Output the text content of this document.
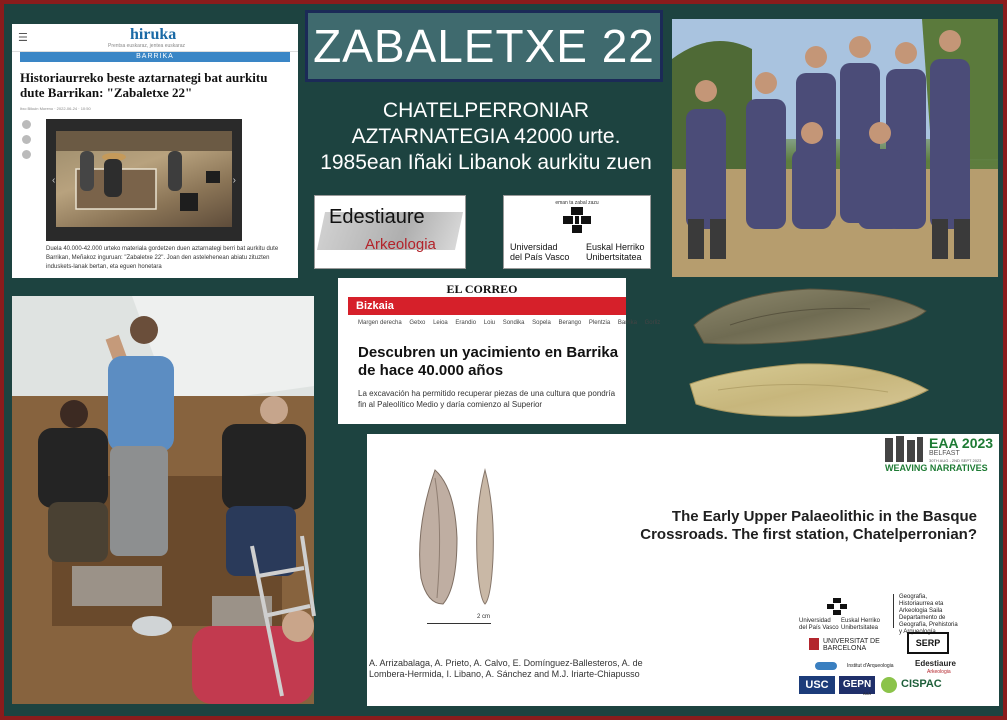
ZABALETXE 22
CHATELPERRONIAR
AZTARNATEGIA 42000 urte.
1985ean Iñaki Libanok aurkitu zuen
☰	hiruka
Prentsa euskaraz, jentea euskaraz
BARRIKA
Historiaurreko beste aztarnategi bat aurkitu dute Barrikan: "Zabaletxe 22"
Itxo Bikuin Moreno · 2022-06-24 · 10:50
‹	›
Duela 40.000-42.000 urteko materiala gordetzen duen aztarnategi berri bat aurkitu dute Barrikan, Meñakoz inguruan: "Zabaletxe 22". Joan den astelehenean abiatu zituzten induskets-lanak bertan, eta eguen honetara
Edestiaure
Arkeologia
eman ta zabal zazu
Universidad
del País Vasco
Euskal Herriko
Unibertsitatea
EL CORREO
Bizkaia
Margen derecha Getxo Leioa Erandio Loiu Sondika Sopela Berango Plentzia Barrika Gorliz
Descubren un yacimiento en Barrika de hace 40.000 años
La excavación ha permitido recuperar piezas de una cultura que pondría fin al Paleolítico Medio y daría comienzo al Superior
EAA 2023
BELFAST
30TH AUG - 2ND SEPT 2023
WEAVING NARRATIVES
2 cm
The Early Upper Palaeolithic in the Basque
Crossroads. The first station, Chatelperronian?
A. Arrizabalaga, A. Prieto, A. Calvo, E. Domínguez-Ballesteros, A. de Lombera-Hermida, I. Libano, A. Sánchez and M.J. Iriarte-Chiapusso
Universidad
del País Vasco
Euskal Herriko
Unibertsitatea
Geografia,
Historiaurrea eta
Arkeologia Saila
Departamento de
Geografía, Prehistoria
y Arqueología
UNIVERSITAT DE
BARCELONA
SERP
Institut d'Arqueologia	Edestiaure
Arkeologia
USC	GEPN
AAA
CISPAC
